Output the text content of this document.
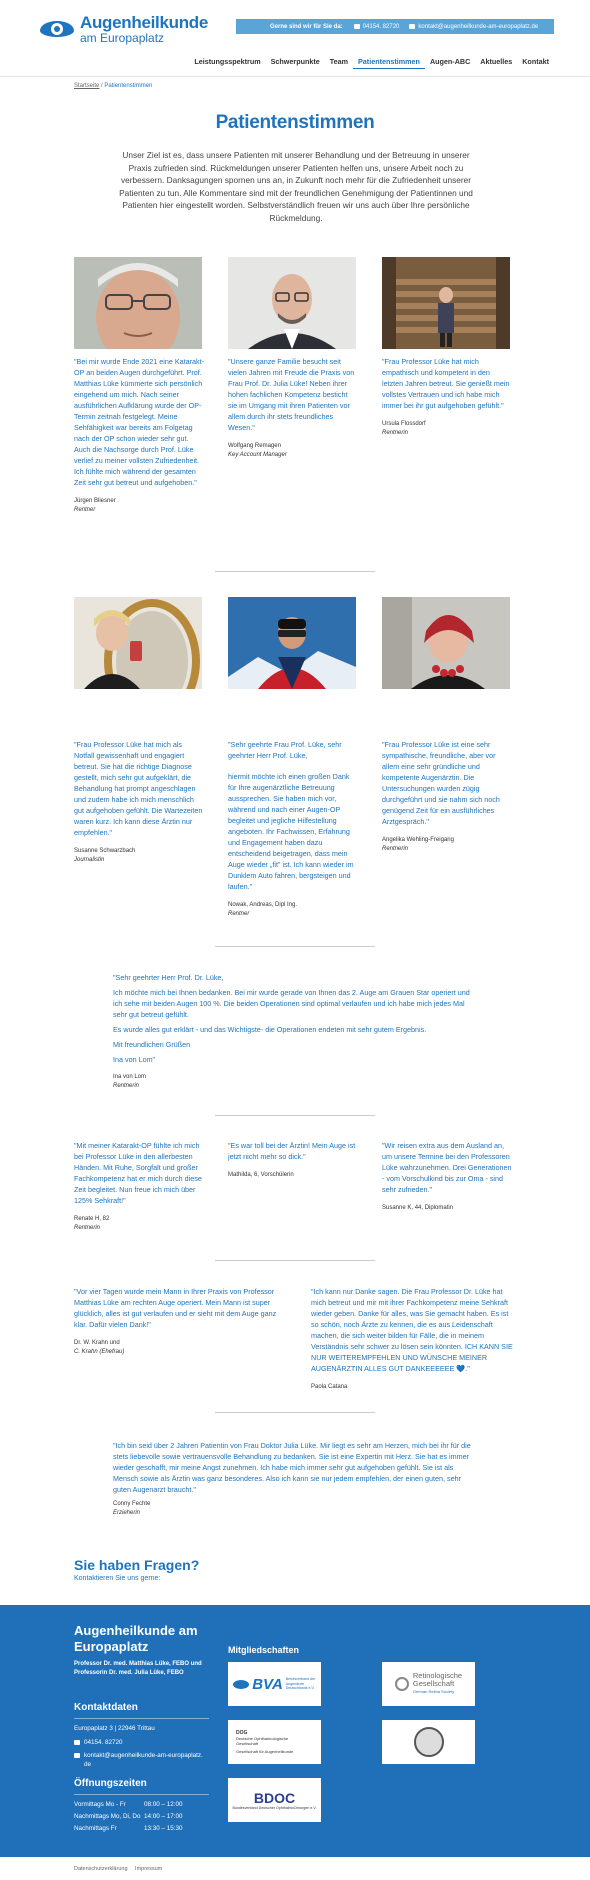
Augenheilkunde
am Europaplatz
Gerne sind wir für Sie da:	04154. 82720	kontakt@augenheilkunde-am-europaplatz.de
Leistungsspektrum	Schwerpunkte	Team	Patientenstimmen	Augen-ABC	Aktuelles	Kontakt
Startseite / Patientenstimmen
Patientenstimmen

Unser Ziel ist es, dass unsere Patienten mit unserer Behandlung und der Betreuung in unserer Praxis zufrieden sind. Rückmeldungen unserer Patienten helfen uns, unsere Arbeit noch zu verbessern. Danksagungen spornen uns an, in Zukunft noch mehr für die Zufriedenheit unserer Patienten zu tun. Alle Kommentare sind mit der freundlichen Genehmigung der Patientinnen und Patienten hier eingestellt worden. Selbstverständlich freuen wir uns auch über Ihre persönliche Rückmeldung.

"Bei mir wurde Ende 2021 eine Katarakt-OP an beiden Augen durchgeführt. Prof. Matthias Lüke kümmerte sich persönlich eingehend um mich. Nach seiner ausführlichen Aufklärung wurde der OP-Termin zeitnah festgelegt. Meine Sehfähigkeit war bereits am Folgetag nach der OP schon wieder sehr gut. Auch die Nachsorge durch Prof. Lüke verlief zu meiner vollsten Zufriedenheit. Ich fühlte mich während der gesamten Zeit sehr gut betreut und aufgehoben."
Jürgen Bliesner
Rentner
"Unsere ganze Familie besucht seit vielen Jahren mit Freude die Praxis von Frau Prof. Dr. Julia Lüke! Neben ihrer hohen fachlichen Kompetenz besticht sie im Umgang mit ihren Patienten vor allem durch ihr stets freundliches Wesen."
Wolfgang Remagen
Key Account Manager
"Frau Professor Lüke hat mich empathisch und kompetent in den letzten Jahren betreut. Sie genießt mein vollstes Vertrauen und ich habe mich immer bei ihr gut aufgehoben gefühlt."
Ursula Flossdorf
Rentnerin
"Frau Professor Lüke hat mich als Notfall gewissenhaft und engagiert betreut. Sie hat die richtige Diagnose gestellt, mich sehr gut aufgeklärt, die Behandlung hat prompt angeschlagen und zudem habe ich mich menschlich gut aufgehoben gefühlt. Die Wartezeiten waren kurz. Ich kann diese Ärztin nur empfehlen."
Susanne Schwarzbach
Journalistin
"Sehr geehrte Frau Prof. Lüke, sehr geehrter Herr Prof. Lüke,
hiermit möchte ich einen großen Dank für Ihre augenärztliche Betreuung aussprechen. Sie haben mich vor, während und nach einer Augen-OP begleitet und jegliche Hilfestellung angeboten. Ihr Fachwissen, Erfahrung und Engagement haben dazu entscheidend beigetragen, dass mein Auge wieder „fit" ist. Ich kann wieder im Dunklem Auto fahren, bergsteigen und laufen."
Nowak, Andreas, Dipl Ing.
Rentner
"Frau Professor Lüke ist eine sehr sympathische, freundliche, aber vor allem eine sehr gründliche und kompetente Augenärztin. Die Untersuchungen wurden zügig durchgeführt und sie nahm sich noch genügend Zeit für ein ausführliches Arztgespräch."
Angelika Wehling-Freigang
Rentnerin
"Sehr geehrter Herr Prof. Dr. Lüke,
Ich möchte mich bei Ihnen bedanken. Bei mir wurde gerade von Ihnen das 2. Auge am Grauen Star operiert und ich sehe mit beiden Augen 100 %. Die beiden Operationen sind optimal verlaufen und ich habe mich jedes Mal sehr gut betreut gefühlt.
Es wurde alles gut erklärt - und das Wichtigste- die Operationen endeten mit sehr gutem Ergebnis.
Mit freundlichen Grüßen
Ina von Lom"
Ina von Lom
Rentnerin
"Mit meiner Katarakt-OP fühlte ich mich bei Professor Lüke in den allerbesten Händen. Mit Ruhe, Sorgfalt und großer Fachkompetenz hat er mich durch diese Zeit begleitet. Nun freue ich mich über 125% Sehkraft!"
Renate H, 82
Rentnerin
"Es war toll bei der Ärztin! Mein Auge ist jetzt nicht mehr so dick."
Mathilda, 6, Vorschülerin
"Wir reisen extra aus dem Ausland an, um unsere Termine bei den Professoren Lüke wahrzunehmen. Drei Generationen - vom Vorschulkind bis zur Oma - sind sehr zufrieden."
Susanne K, 44, Diplomatin
"Vor vier Tagen wurde mein Mann in Ihrer Praxis von Professor Matthias Lüke am rechten Auge operiert. Mein Mann ist super glücklich, alles ist gut verlaufen und er sieht mit dem Auge ganz klar. Dafür vielen Dank!"
Dr. W. Krahn und
C. Krahn (Ehefrau)
"Ich kann nur Danke sagen. Die Frau Professor Dr. Lüke hat mich betreut und mir mit ihrer Fachkompetenz meine Sehkraft wieder geben. Danke für alles, was Sie gemacht haben. Es ist so schön, noch Ärzte zu kennen, die es aus Leidenschaft machen, die sich weiter bilden für Fälle, die in meinem Verständnis sehr schwer zu lösen sein könnten. ICH KANN SIE NUR WEITEREMPFEHLEN UND WÜNSCHE MEINER AUGENÄRZTIN ALLES GUT DANKEEEEEE 💙."
Paola Catana
"Ich bin seid über 2 Jahren Patientin von Frau Doktor Julia Lüke. Mir liegt es sehr am Herzen, mich bei ihr für die stets liebevolle sowie vertrauensvolle Behandlung zu bedanken. Sie ist eine Expertin mit Herz. Sie hat es immer wieder geschafft, mir meine Angst zunehmen. Ich habe mich immer sehr gut aufgehoben gefühlt. Sie ist als Mensch sowie als Ärztin was ganz besonderes. Also ich kann sie nur jedem empfehlen, der einen guten, sehr guten Augenarzt braucht."
Conny Fechte
Erzieherin
Sie haben Fragen?
Kontaktieren Sie uns gerne:
Augenheilkunde am Europaplatz
Professor Dr. med. Matthias Lüke, FEBO und Professorin Dr. med. Julia Lüke, FEBO
Kontaktdaten
Europaplatz 3 | 22946 Trittau
04154. 82720
kontakt@augenheilkunde-am-europaplatz.de
Öffnungszeiten
Vormittags Mo - Fr	08:00 – 12:00
Nachmittags Mo, Di, Do 14:00 – 17:00
Nachmittags Fr	13:30 – 15:30
Mitgliedschaften
BVA Berufsverband der Augenärzte Deutschlands e.V.
Retinologische
Gesellschaft
German Retina Society
DOG
Deutsche Ophthalmologische Gesellschaft
Gesellschaft für Augenheilkunde
BDOC
Bundesverband Deutscher OphthalmoChirurgen e.V.
Datenschutzerklärung Impressum
